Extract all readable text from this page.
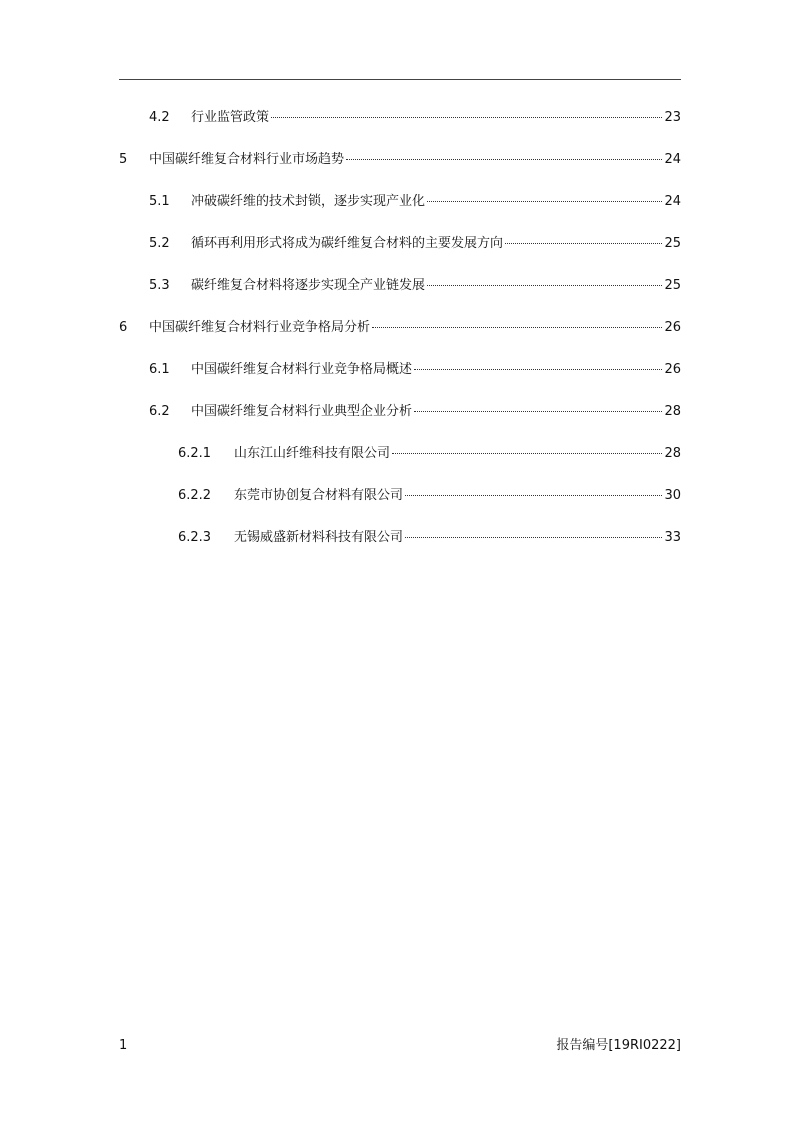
4.2	行业监管政策	23
5	中国碳纤维复合材料行业市场趋势	24
5.1	冲破碳纤维的技术封锁，逐步实现产业化	24
5.2	循环再利用形式将成为碳纤维复合材料的主要发展方向	25
5.3	碳纤维复合材料将逐步实现全产业链发展	25
6	中国碳纤维复合材料行业竞争格局分析	26
6.1	中国碳纤维复合材料行业竞争格局概述	26
6.2	中国碳纤维复合材料行业典型企业分析	28
6.2.1	山东江山纤维科技有限公司	28
6.2.2	东莞市协创复合材料有限公司	30
6.2.3	无锡威盛新材料科技有限公司	33
1	报告编号[19RI0222]
